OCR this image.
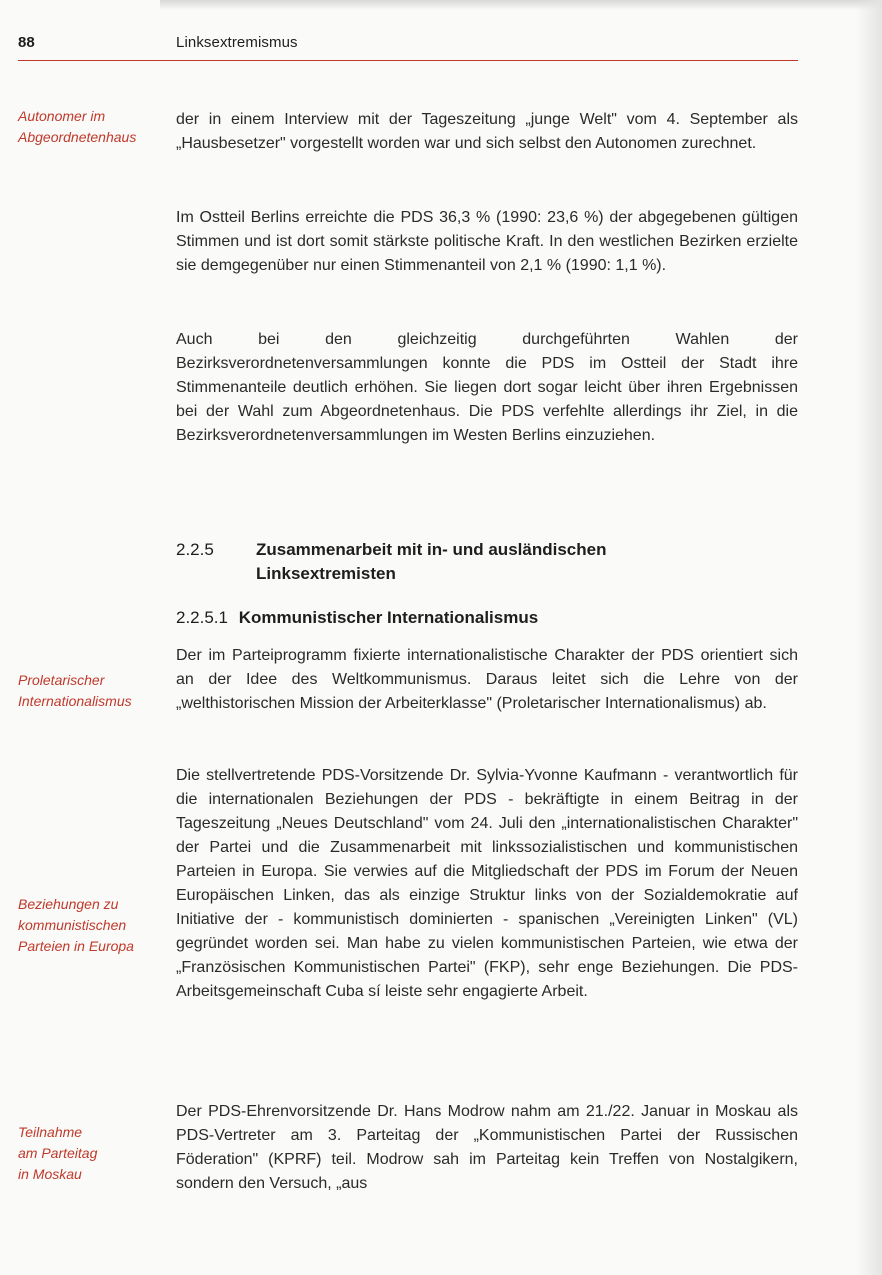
88	Linksextremismus
Autonomer im
Abgeordnetenhaus

der in einem Interview mit der Tageszeitung „junge Welt" vom 4. September als „Hausbesetzer" vorgestellt worden war und sich selbst den Autonomen zurechnet.

Im Ostteil Berlins erreichte die PDS 36,3 % (1990: 23,6 %) der abgegebenen gültigen Stimmen und ist dort somit stärkste politische Kraft. In den westlichen Bezirken erzielte sie demgegenüber nur einen Stimmenanteil von 2,1 % (1990: 1,1 %).

Auch bei den gleichzeitig durchgeführten Wahlen der Bezirksverordnetenversammlungen konnte die PDS im Ostteil der Stadt ihre Stimmenanteile deutlich erhöhen. Sie liegen dort sogar leicht über ihren Ergebnissen bei der Wahl zum Abgeordnetenhaus. Die PDS verfehlte allerdings ihr Ziel, in die Bezirksverordnetenversammlungen im Westen Berlins einzuziehen.

2.2.5 Zusammenarbeit mit in- und ausländischen
Linksextremisten
2.2.5.1 Kommunistischer Internationalismus
Proletarischer
Internationalismus

Der im Parteiprogramm fixierte internationalistische Charakter der PDS orientiert sich an der Idee des Weltkommunismus. Daraus leitet sich die Lehre von der „welthistorischen Mission der Arbeiterklasse" (Proletarischer Internationalismus) ab.

Beziehungen zu
kommunistischen
Parteien in Europa

Die stellvertretende PDS-Vorsitzende Dr. Sylvia-Yvonne Kaufmann - verantwortlich für die internationalen Beziehungen der PDS - bekräftigte in einem Beitrag in der Tageszeitung „Neues Deutschland" vom 24. Juli den „internationalistischen Charakter" der Partei und die Zusammenarbeit mit linkssozialistischen und kommunistischen Parteien in Europa. Sie verwies auf die Mitgliedschaft der PDS im Forum der Neuen Europäischen Linken, das als einzige Struktur links von der Sozialdemokratie auf Initiative der - kommunistisch dominierten - spanischen „Vereinigten Linken" (VL) gegründet worden sei. Man habe zu vielen kommunistischen Parteien, wie etwa der „Französischen Kommunistischen Partei" (FKP), sehr enge Beziehungen. Die PDS-Arbeitsgemeinschaft Cuba sí leiste sehr engagierte Arbeit.

Teilnahme
am Parteitag
in Moskau

Der PDS-Ehrenvorsitzende Dr. Hans Modrow nahm am 21./22. Januar in Moskau als PDS-Vertreter am 3. Parteitag der „Kommunistischen Partei der Russischen Föderation" (KPRF) teil. Modrow sah im Parteitag kein Treffen von Nostalgikern, sondern den Versuch, „aus
